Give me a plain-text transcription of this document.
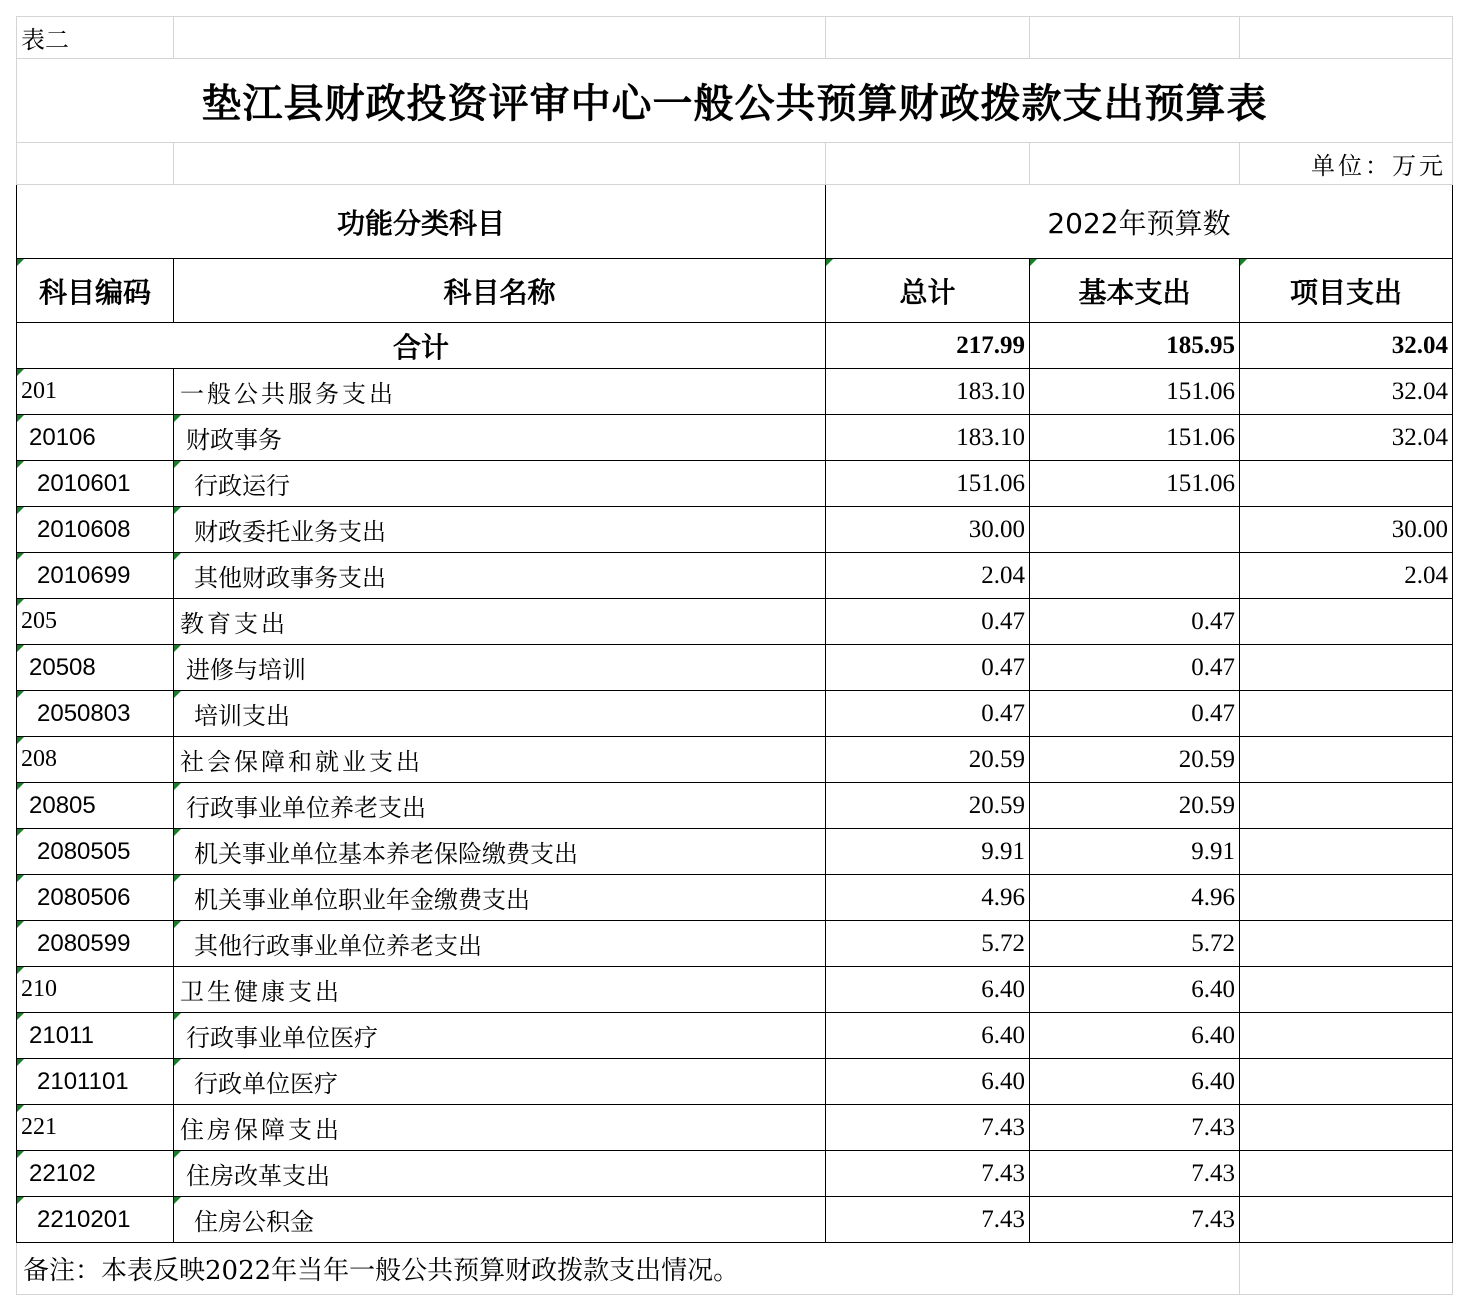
表二				
垫江县财政投资评审中心一般公共预算财政拨款支出预算表				
				单位：万元
功能分类科目		2022年预算数		
科目编码	科目名称	总计	基本支出	项目支出
合计		217.99	185.95	32.04
201	一般公共服务支出	183.10	151.06	32.04
20106	财政事务	183.10	151.06	32.04
2010601	行政运行	151.06	151.06	
2010608	财政委托业务支出	30.00		30.00
2010699	其他财政事务支出	2.04		2.04
205	教育支出	0.47	0.47	
20508	进修与培训	0.47	0.47	
2050803	培训支出	0.47	0.47	
208	社会保障和就业支出	20.59	20.59	
20805	行政事业单位养老支出	20.59	20.59	
2080505	机关事业单位基本养老保险缴费支出	9.91	9.91	
2080506	机关事业单位职业年金缴费支出	4.96	4.96	
2080599	其他行政事业单位养老支出	5.72	5.72	
210	卫生健康支出	6.40	6.40	
21011	行政事业单位医疗	6.40	6.40	
2101101	行政单位医疗	6.40	6.40	
221	住房保障支出	7.43	7.43	
22102	住房改革支出	7.43	7.43	
2210201	住房公积金	7.43	7.43	
备注：本表反映2022年当年一般公共预算财政拨款支出情况。				
